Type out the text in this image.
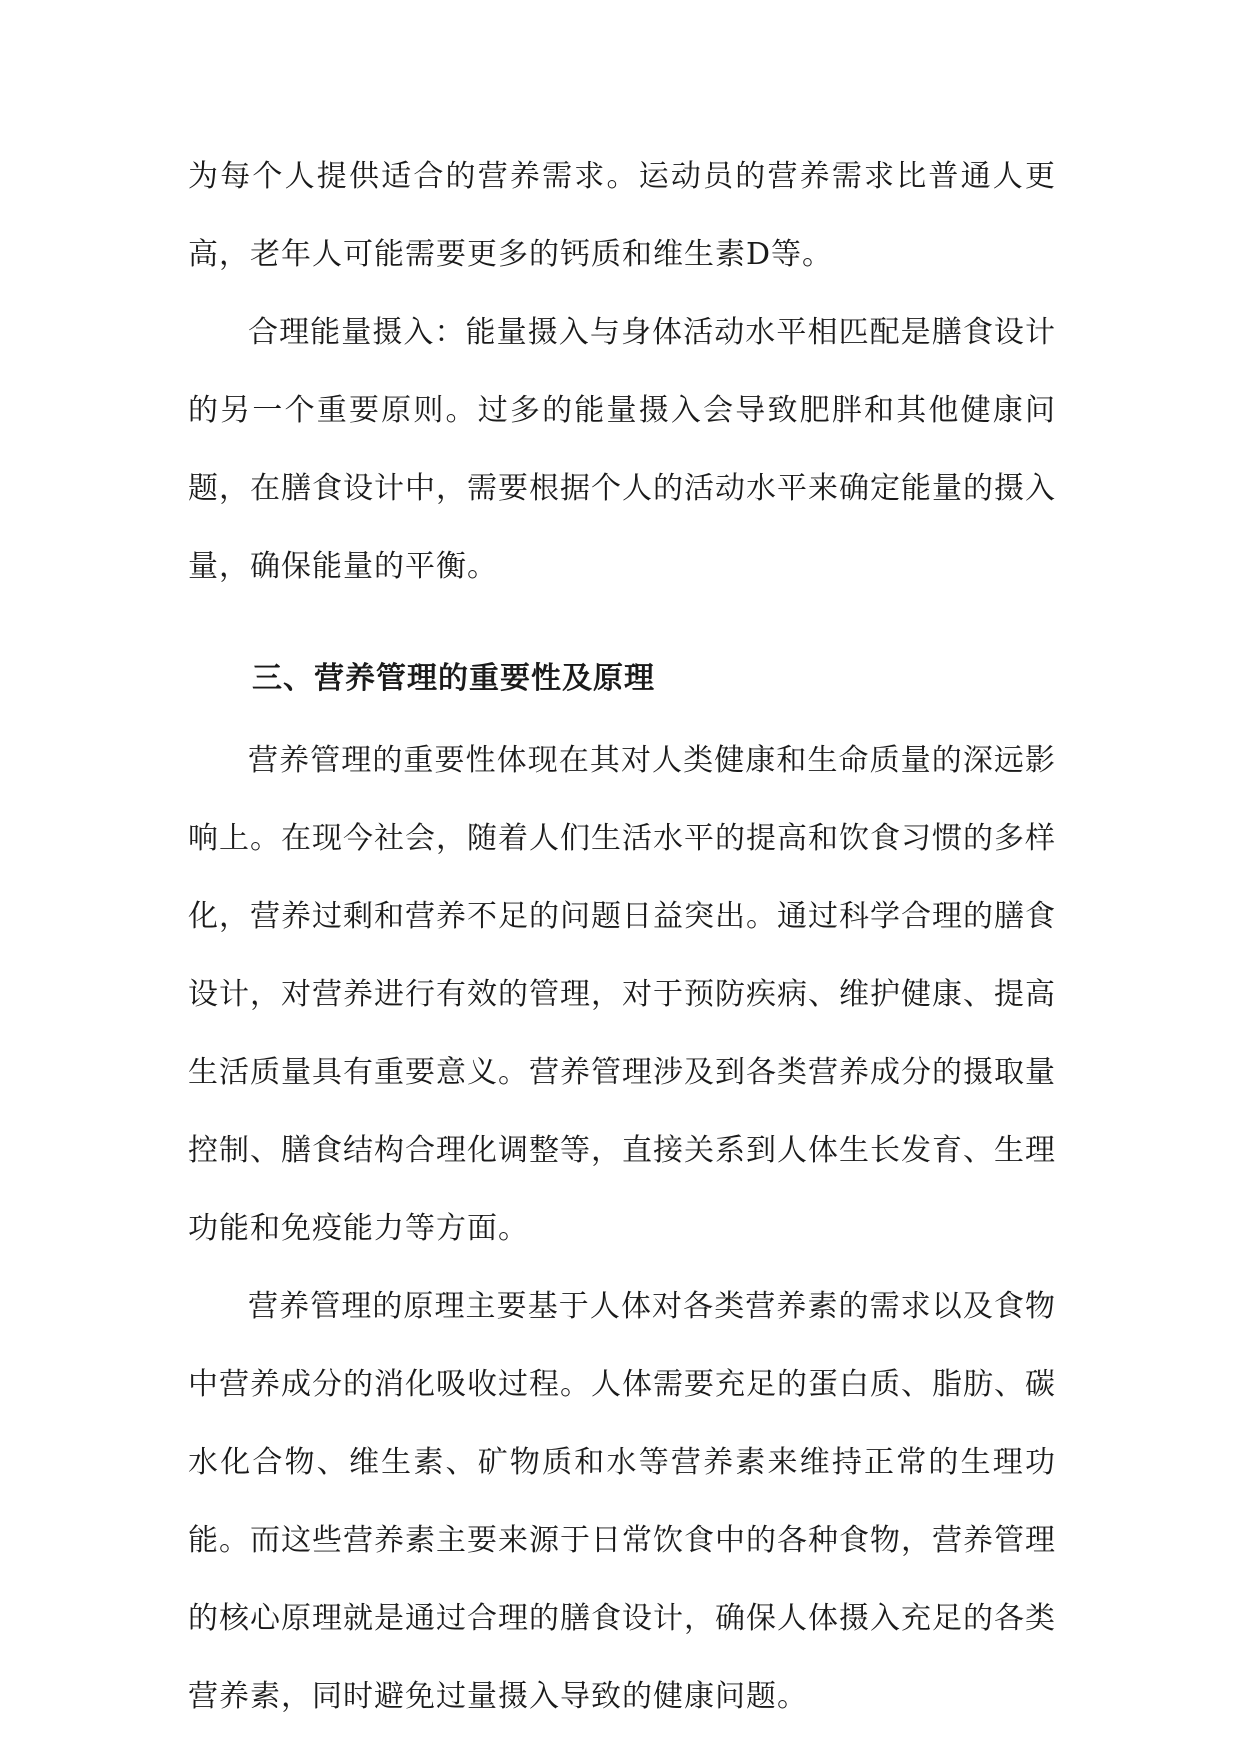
为每个人提供适合的营养需求。运动员的营养需求比普通人更高，老年人可能需要更多的钙质和维生素D等。

合理能量摄入：能量摄入与身体活动水平相匹配是膳食设计的另一个重要原则。过多的能量摄入会导致肥胖和其他健康问题，在膳食设计中，需要根据个人的活动水平来确定能量的摄入量，确保能量的平衡。

三、营养管理的重要性及原理

营养管理的重要性体现在其对人类健康和生命质量的深远影响上。在现今社会，随着人们生活水平的提高和饮食习惯的多样化，营养过剩和营养不足的问题日益突出。通过科学合理的膳食设计，对营养进行有效的管理，对于预防疾病、维护健康、提高生活质量具有重要意义。营养管理涉及到各类营养成分的摄取量控制、膳食结构合理化调整等，直接关系到人体生长发育、生理功能和免疫能力等方面。

营养管理的原理主要基于人体对各类营养素的需求以及食物中营养成分的消化吸收过程。人体需要充足的蛋白质、脂肪、碳水化合物、维生素、矿物质和水等营养素来维持正常的生理功能。而这些营养素主要来源于日常饮食中的各种食物，营养管理的核心原理就是通过合理的膳食设计，确保人体摄入充足的各类营养素，同时避免过量摄入导致的健康问题。
